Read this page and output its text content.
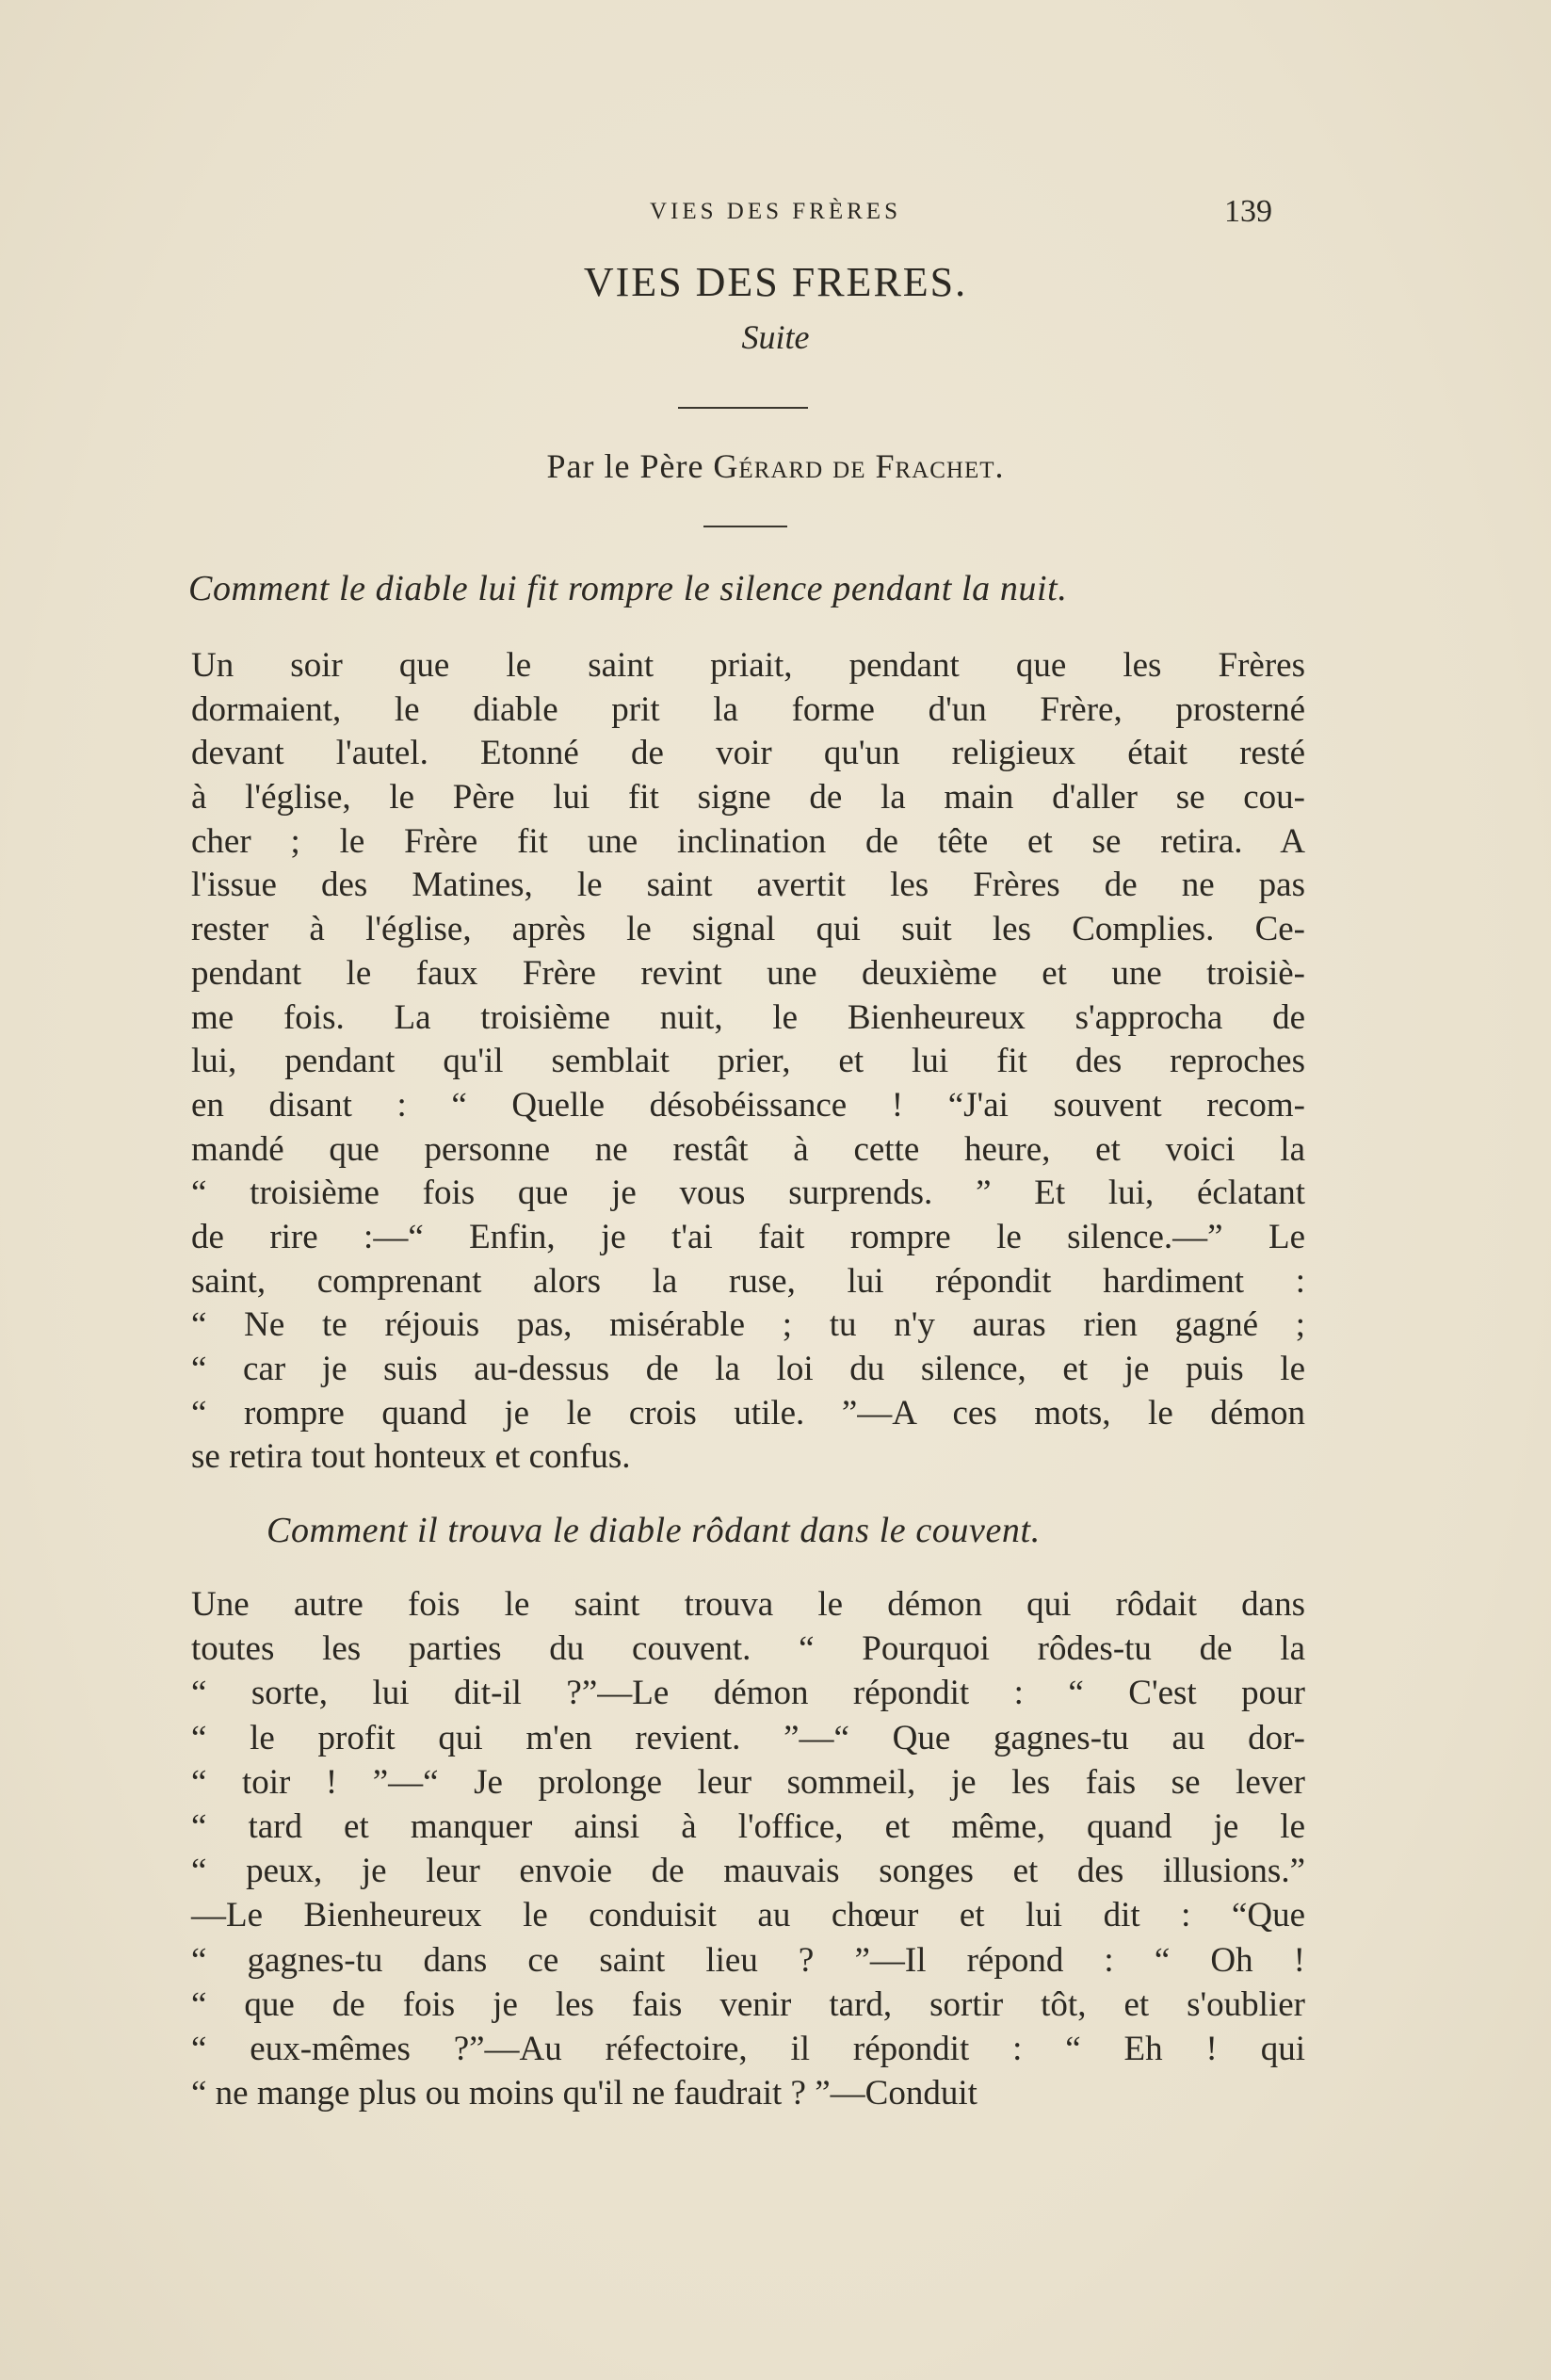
VIES DES FRÈRES	139
VIES DES FRERES.
Suite
Par le Père Gérard de Frachet.
Comment le diable lui fit rompre le silence pendant la nuit.
Un soir que le saint priait, pendant que les Frères
dormaient, le diable prit la forme d'un Frère, prosterné
devant l'autel. Etonné de voir qu'un religieux était resté
à l'église, le Père lui fit signe de la main d'aller se cou-
cher ; le Frère fit une inclination de tête et se retira. A
l'issue des Matines, le saint avertit les Frères de ne pas
rester à l'église, après le signal qui suit les Complies. Ce-
pendant le faux Frère revint une deuxième et une troisiè-
me fois. La troisième nuit, le Bienheureux s'approcha de
lui, pendant qu'il semblait prier, et lui fit des reproches
en disant : “ Quelle désobéissance ! “J'ai souvent recom-
mandé que personne ne restât à cette heure, et voici la
“ troisième fois que je vous surprends. ” Et lui, éclatant
de rire :—“ Enfin, je t'ai fait rompre le silence.—” Le
saint, comprenant alors la ruse, lui répondit hardiment :
“ Ne te réjouis pas, misérable ; tu n'y auras rien gagné ;
“ car je suis au-dessus de la loi du silence, et je puis le
“ rompre quand je le crois utile. ”—A ces mots, le démon
se retira tout honteux et confus.
Comment il trouva le diable rôdant dans le couvent.
Une autre fois le saint trouva le démon qui rôdait dans
toutes les parties du couvent. “ Pourquoi rôdes-tu de la
“ sorte, lui dit-il ?”—Le démon répondit : “ C'est pour
“ le profit qui m'en revient. ”—“ Que gagnes-tu au dor-
“ toir ! ”—“ Je prolonge leur sommeil, je les fais se lever
“ tard et manquer ainsi à l'office, et même, quand je le
“ peux, je leur envoie de mauvais songes et des illusions.”
—Le Bienheureux le conduisit au chœur et lui dit : “Que
“ gagnes-tu dans ce saint lieu ? ”—Il répond : “ Oh !
“ que de fois je les fais venir tard, sortir tôt, et s'oublier
“ eux-mêmes ?”—Au réfectoire, il répondit : “ Eh ! qui
“ ne mange plus ou moins qu'il ne faudrait ? ”—Conduit
